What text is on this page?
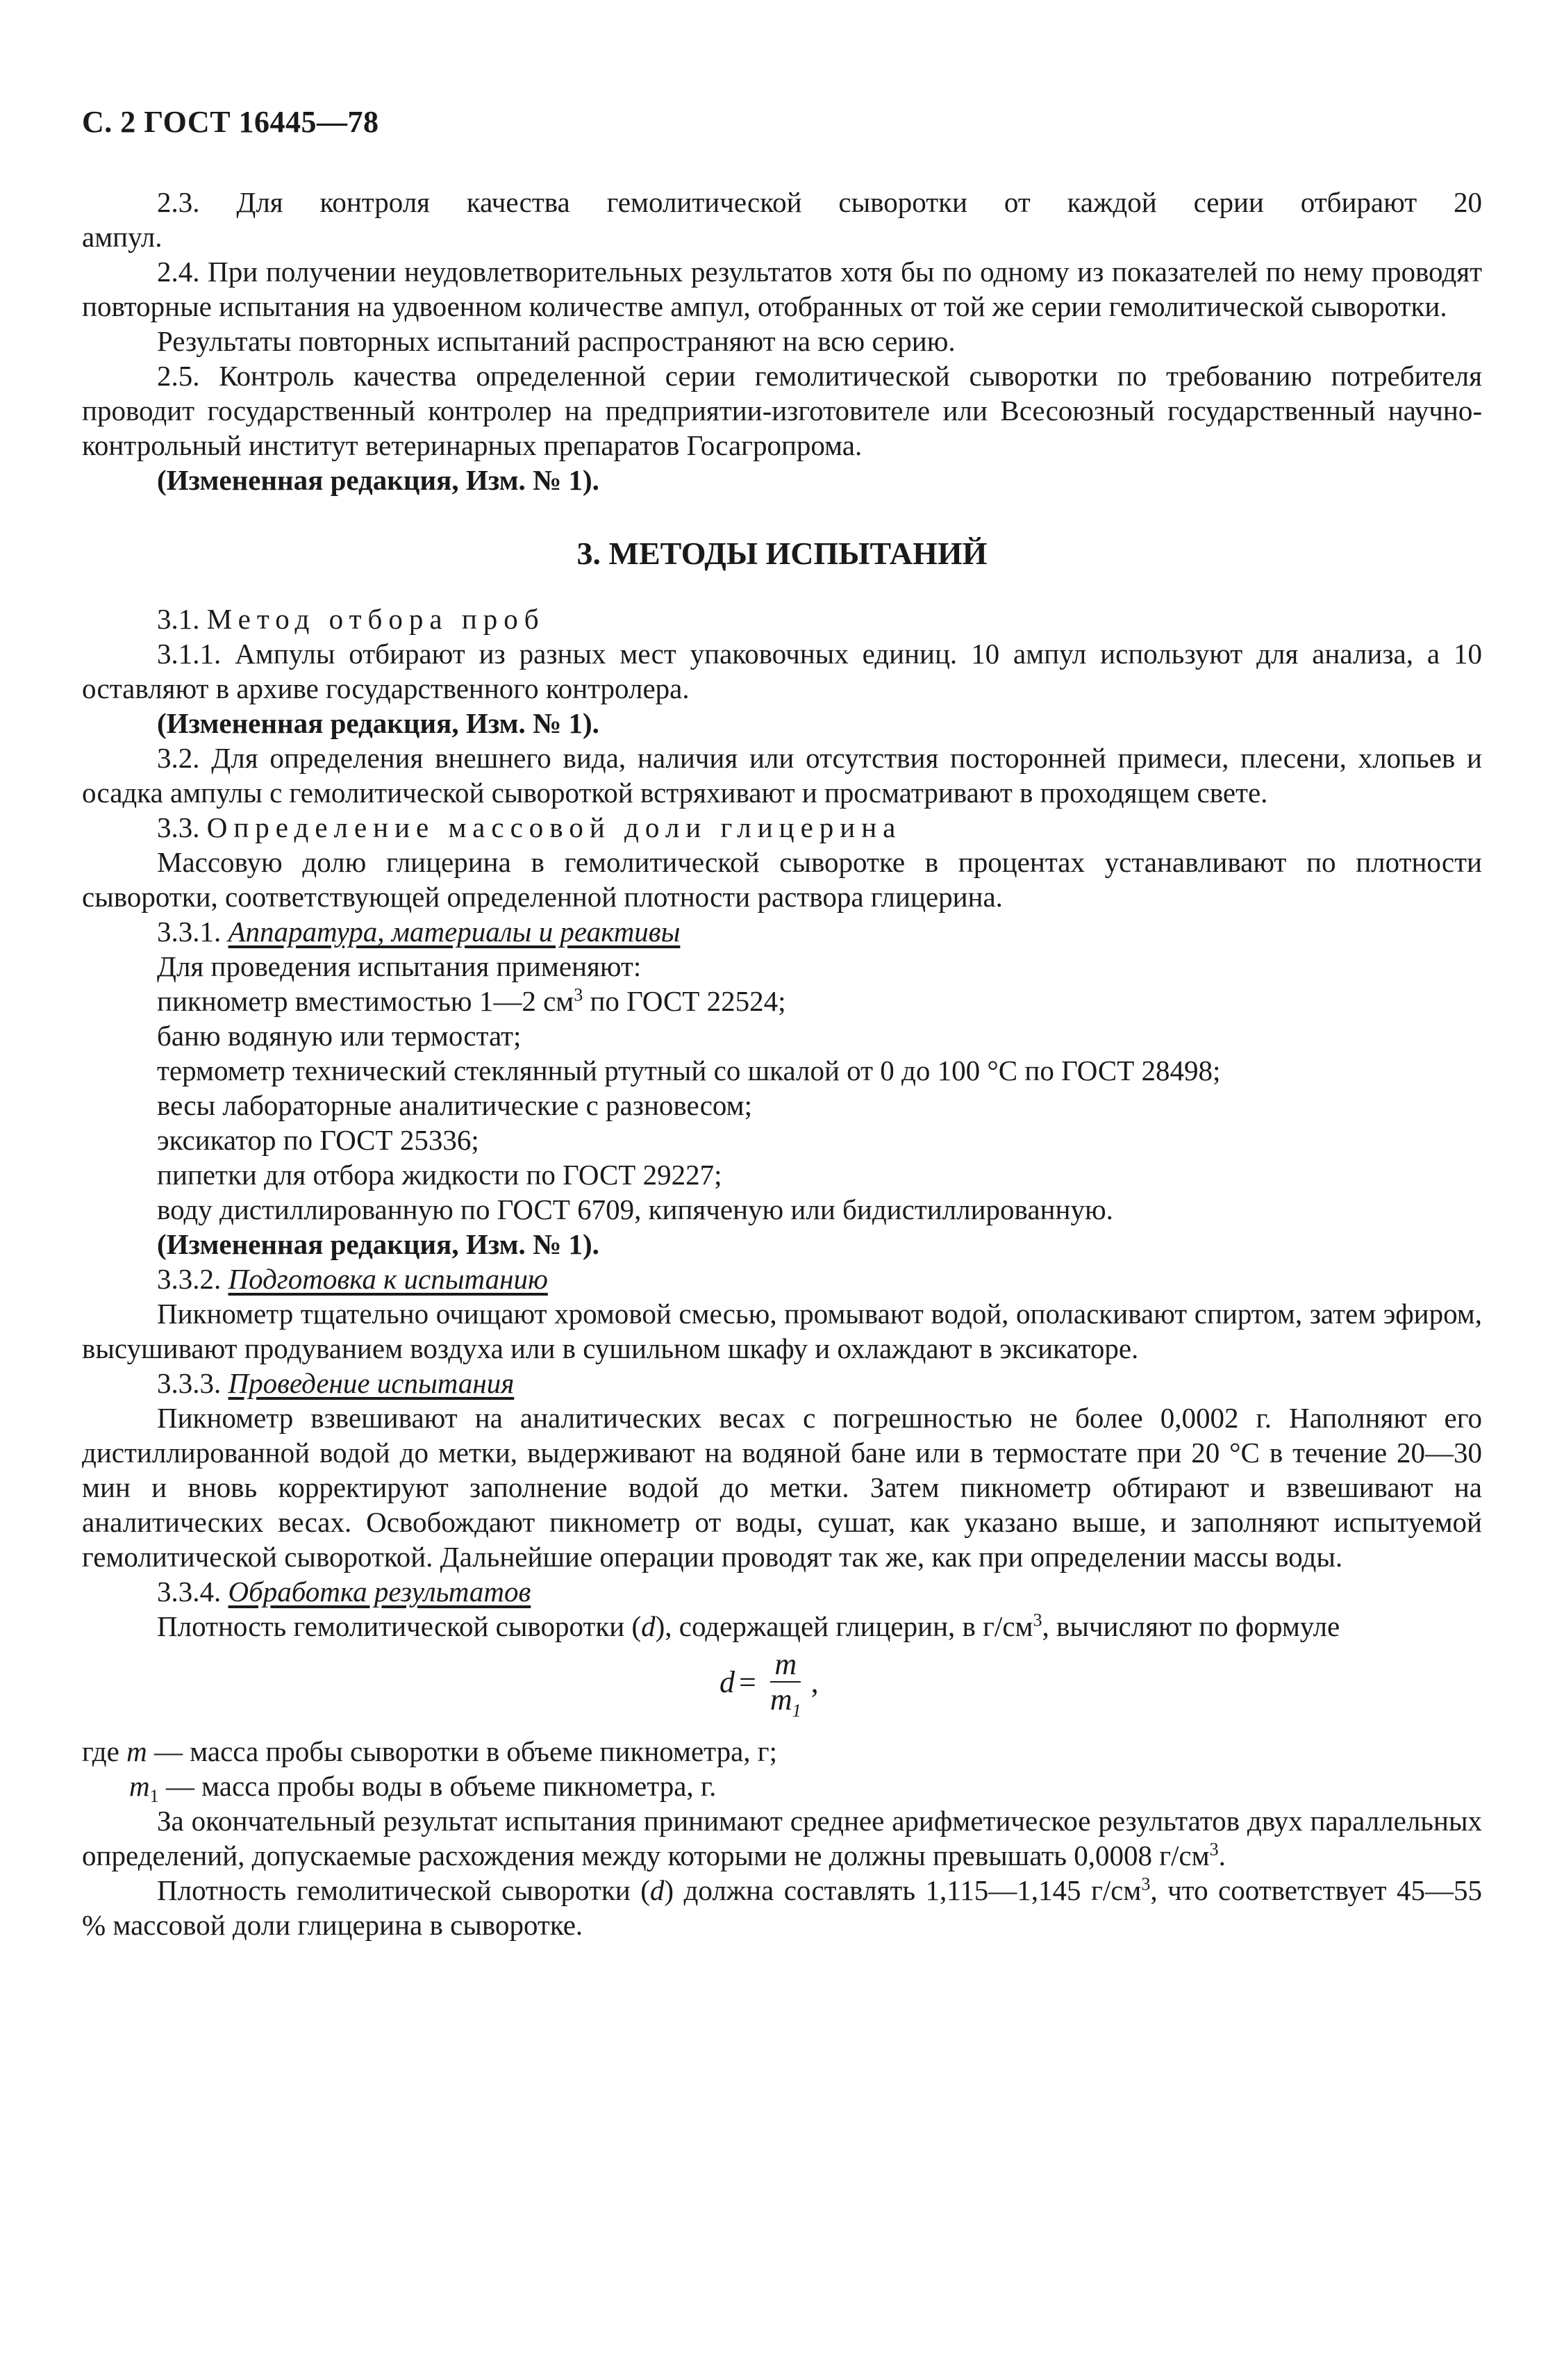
С. 2 ГОСТ 16445—78

2.3. Для контроля качества гемолитической сыворотки от каждой серии отбирают 20

ампул.

2.4. При получении неудовлетворительных результатов хотя бы по одному из показателей по нему проводят повторные испытания на удвоенном количестве ампул, отобранных от той же серии гемолитической сыворотки.

Результаты повторных испытаний распространяют на всю серию.

2.5. Контроль качества определенной серии гемолитической сыворотки по требованию потребителя проводит государственный контролер на предприятии-изготовителе или Всесоюзный государственный научно-контрольный институт ветеринарных препаратов Госагропрома.

(Измененная редакция, Изм. № 1).

3. МЕТОДЫ ИСПЫТАНИЙ

3.1. Метод отбора проб

3.1.1. Ампулы отбирают из разных мест упаковочных единиц. 10 ампул используют для анализа, а 10 оставляют в архиве государственного контролера.

(Измененная редакция, Изм. № 1).

3.2. Для определения внешнего вида, наличия или отсутствия посторонней примеси, плесени, хлопьев и осадка ампулы с гемолитической сывороткой встряхивают и просматривают в проходящем свете.

3.3. Определение массовой доли глицерина

Массовую долю глицерина в гемолитической сыворотке в процентах устанавливают по плотности сыворотки, соответствующей определенной плотности раствора глицерина.

3.3.1. Аппаратура, материалы и реактивы

Для проведения испытания применяют:

пикнометр вместимостью 1—2 $см^3$ по ГОСТ 22524;

баню водяную или термостат;

термометр технический стеклянный ртутный со шкалой от 0 до 100 °С по ГОСТ 28498;

весы лабораторные аналитические с разновесом;

эксикатор по ГОСТ 25336;

пипетки для отбора жидкости по ГОСТ 29227;

воду дистиллированную по ГОСТ 6709, кипяченую или бидистиллированную.

(Измененная редакция, Изм. № 1).

3.3.2. Подготовка к испытанию

Пикнометр тщательно очищают хромовой смесью, промывают водой, ополаскивают спиртом, затем эфиром, высушивают продуванием воздуха или в сушильном шкафу и охлаждают в эксикаторе.

3.3.3. Проведение испытания

Пикнометр взвешивают на аналитических весах с погрешностью не более 0,0002 г. Наполняют его дистиллированной водой до метки, выдерживают на водяной бане или в термостате при 20 °С в течение 20—30 мин и вновь корректируют заполнение водой до метки. Затем пикнометр обтирают и взвешивают на аналитических весах. Освобождают пикнометр от воды, сушат, как указано выше, и заполняют испытуемой гемолитической сывороткой. Дальнейшие операции проводят так же, как при определении массы воды.

3.3.4. Обработка результатов

Плотность гемолитической сыворотки (d), содержащей глицерин, в $г/см^3$, вычисляют по формуле

$d = \frac{m}{m_1}$ ,

где m — масса пробы сыворотки в объеме пикнометра, г;

$m_1$ — масса пробы воды в объеме пикнометра, г.

За окончательный результат испытания принимают среднее арифметическое результатов двух параллельных определений, допускаемые расхождения между которыми не должны превышать 0,0008 $г/см^3$.

Плотность гемолитической сыворотки (d) должна составлять 1,115—1,145 $г/см^3$, что соответствует 45—55 % массовой доли глицерина в сыворотке.
